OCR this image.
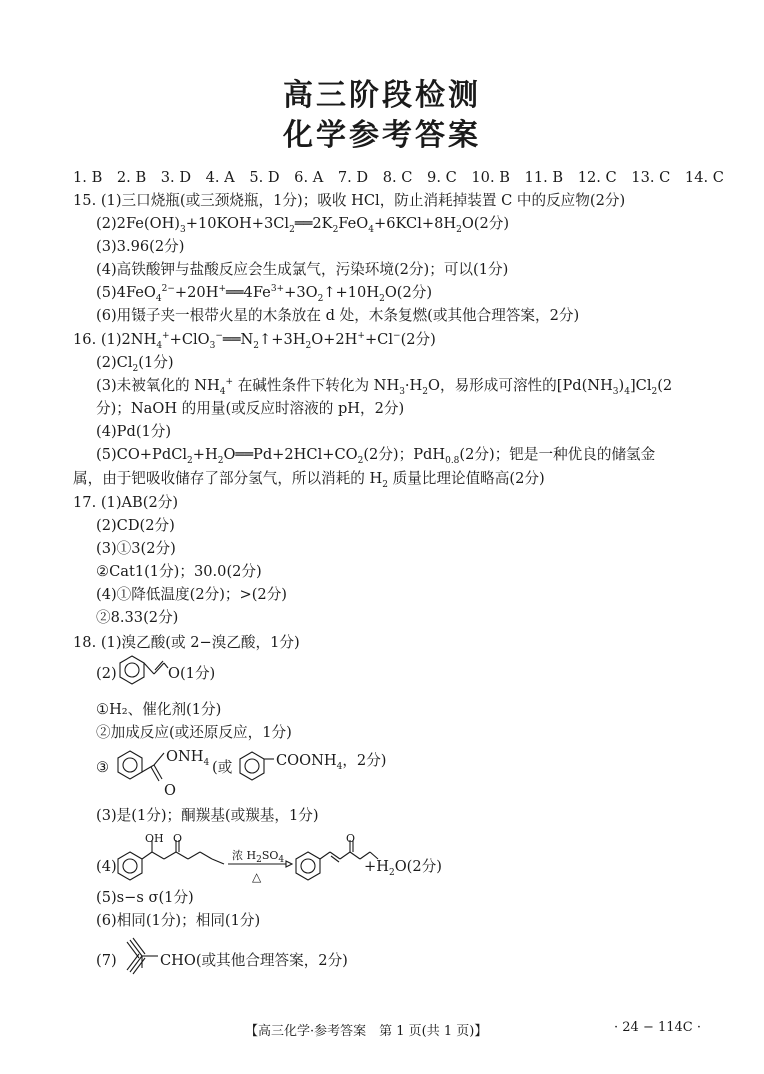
高三阶段检测
化学参考答案
1. B　2. B　3. D　4. A　5. D　6. A　7. D　8. C　9. C　10. B　11. B　12. C　13. C　14. C
15. (1)三口烧瓶(或三颈烧瓶，1分)；吸收 HCl，防止消耗掉装置 C 中的反应物(2分)
$(2)2Fe(OH)_3+10KOH+3Cl_2══2K_2FeO_4+6KCl+8H_2O(2$分)
(3)3.96(2分)
(4)高铁酸钾与盐酸反应会生成氯气，污染环境(2分)；可以(1分)
$(5)4FeO_4^{2-}+20H^+══4Fe^{3+}+3O_2↑+10H_2O(2$分)
(6)用镊子夹一根带火星的木条放在 d 处，木条复燃(或其他合理答案，2分)
16. $(1)2NH_4^++ClO_3^-══N_2↑+3H_2O+2H^++Cl^-(2$分)
$(2)Cl_2(1$分)
(3)未被氧化的 $NH_4^+$ 在碱性条件下转化为 $NH_3\cdot H_2O$，易形成可溶性的$[Pd(NH_3)_4]Cl_2(2$
分)；NaOH 的用量(或反应时溶液的 pH，2分)
(4)Pd(1分)
$(5)CO+PdCl_2+H_2O══Pd+2HCl+CO_2(2$分)；PdH$_{0.8}$(2分)；钯是一种优良的储氢金
属，由于钯吸收储存了部分氢气，所以消耗的 $H_2$ 质量比理论值略高(2分)
17. (1)AB(2分)
(2)CD(2分)
(3)①3(2分)
②Cat1(1分)；30.0(2分)
(4)①降低温度(2分)；>(2分)
②8.33(2分)
18. (1)溴乙酸(或 2−溴乙酸，1分)
(2)	O(1分)
①H₂、催化剂(1分)
②加成反应(或还原反应，1分)
③
$ONH_4$
O
(或	$COONH_4$，2分)
(3)是(1分)；酮羰基(或羰基，1分)
(4)
OH O
浓 $H_2SO_4$
△
O
$+H_2O(2$分)
(5)s−s σ(1分)
(6)相同(1分)；相同(1分)
(7)	CHO(或其他合理答案，2分)
【高三化学·参考答案　第 1 页(共 1 页)】	· 24 − 114C ·
